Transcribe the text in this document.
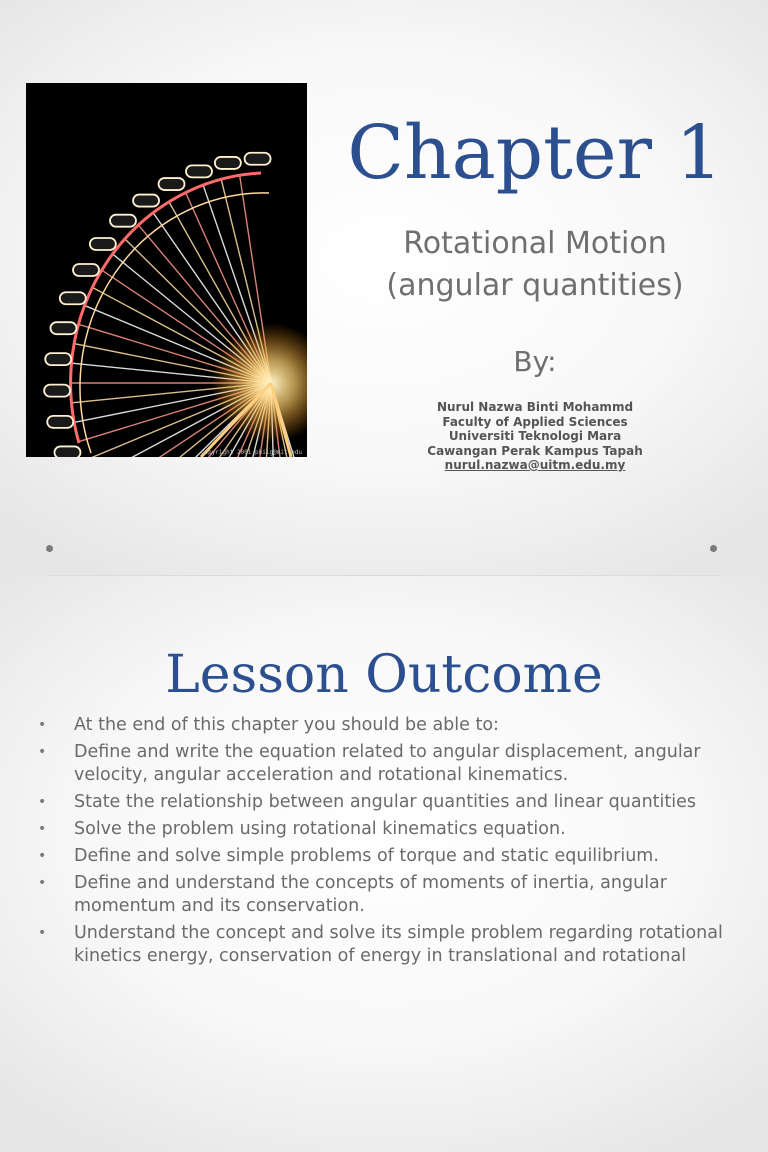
copyright 2001 philg@mit.edu
Chapter 1
Rotational Motion
(angular quantities)
By:
Nurul Nazwa Binti Mohammd
Faculty of Applied Sciences
Universiti Teknologi Mara
Cawangan Perak Kampus Tapah
nurul.nazwa@uitm.edu.my
Lesson Outcome
• At the end of this chapter you should be able to:
• Define and write the equation related to angular displacement, angular velocity, angular acceleration and rotational kinematics.
• State the relationship between angular quantities and linear quantities
• Solve the problem using rotational kinematics equation.
• Define and solve simple problems of torque and static equilibrium.
• Define and understand the concepts of moments of inertia, angular momentum and its conservation.
• Understand the concept and solve its simple problem regarding rotational kinetics energy, conservation of energy in translational and rotational
